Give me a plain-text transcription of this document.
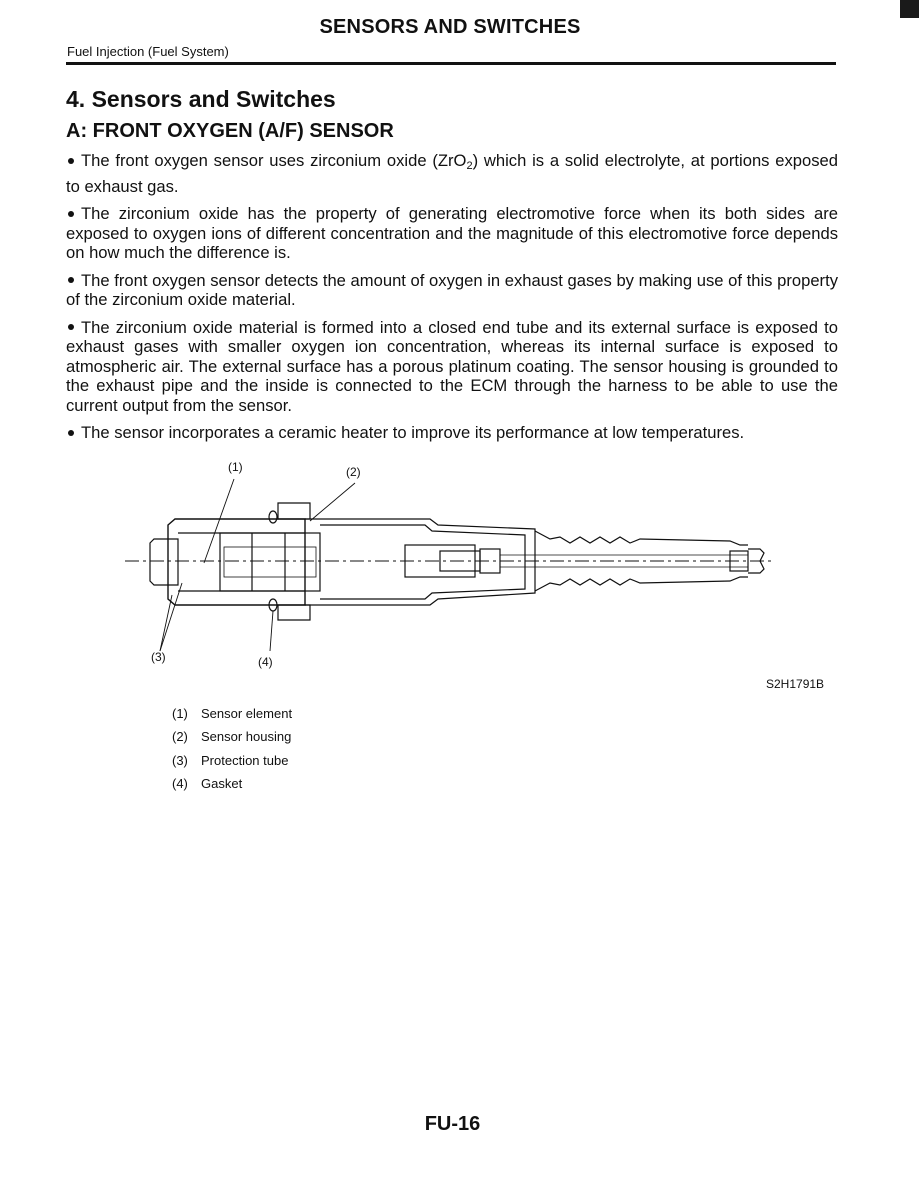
SENSORS AND SWITCHES
Fuel Injection (Fuel System)
4. Sensors and Switches
A: FRONT OXYGEN (A/F) SENSOR
The front oxygen sensor uses zirconium oxide (ZrO$_2$) which is a solid electrolyte, at portions exposed to exhaust gas.
The zirconium oxide has the property of generating electromotive force when its both sides are exposed to oxygen ions of different concentration and the magnitude of this electromotive force depends on how much the difference is.
The front oxygen sensor detects the amount of oxygen in exhaust gases by making use of this property of the zirconium oxide material.
The zirconium oxide material is formed into a closed end tube and its external surface is exposed to exhaust gases with smaller oxygen ion concentration, whereas its internal surface is exposed to atmospheric air. The external surface has a porous platinum coating. The sensor housing is grounded to the exhaust pipe and the inside is connected to the ECM through the harness to be able to use the current output from the sensor.
The sensor incorporates a ceramic heater to improve its performance at low temperatures.
(1)	(2)
(3)	(4)
S2H1791B
(1) Sensor element
(2) Sensor housing
(3) Protection tube
(4) Gasket
FU-16
